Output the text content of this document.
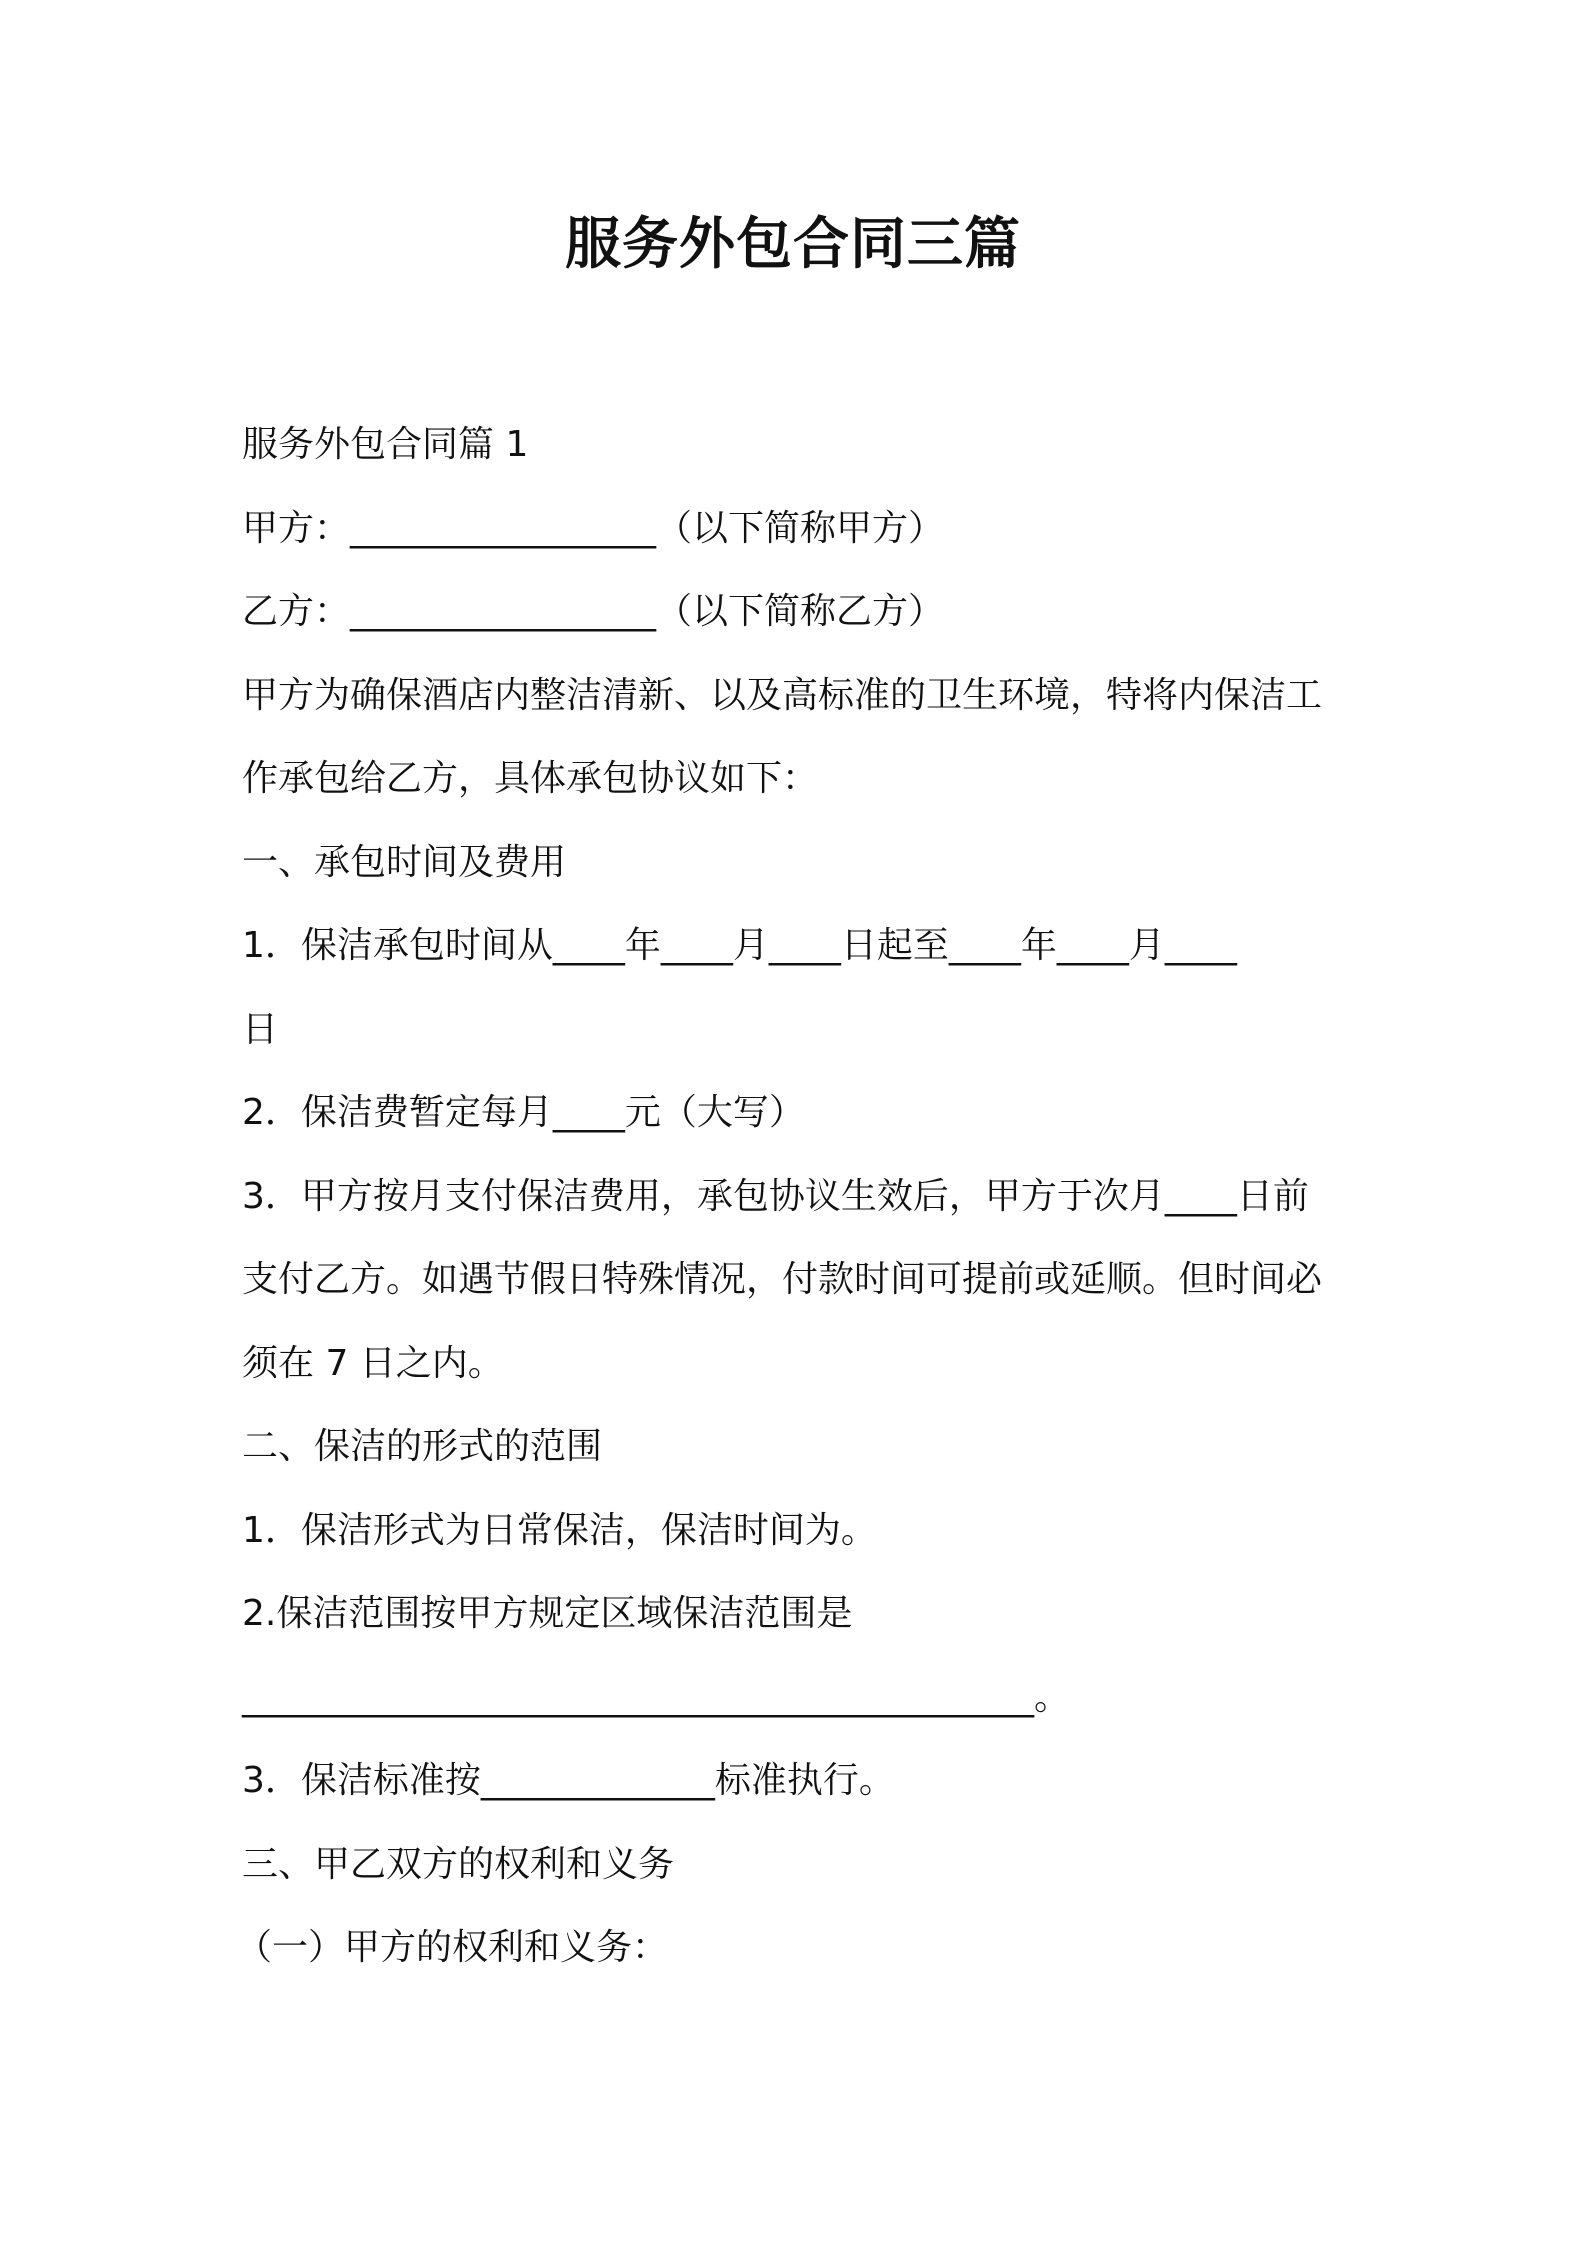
服务外包合同三篇

服务外包合同篇 1

甲方：_________________（以下简称甲方）

乙方：_________________（以下简称乙方）

甲方为确保酒店内整洁清新、以及高标准的卫生环境，特将内保洁工

作承包给乙方，具体承包协议如下：

一、承包时间及费用

1．保洁承包时间从____年____月____日起至____年____月____

日

2．保洁费暂定每月____元（大写）

3．甲方按月支付保洁费用，承包协议生效后，甲方于次月____日前

支付乙方。如遇节假日特殊情况，付款时间可提前或延顺。但时间必

须在 7 日之内。

二、保洁的形式的范围

1．保洁形式为日常保洁，保洁时间为。

2.保洁范围按甲方规定区域保洁范围是

____________________________________________。

3．保洁标准按_____________标准执行。

三、甲乙双方的权利和义务

（一）甲方的权利和义务：
